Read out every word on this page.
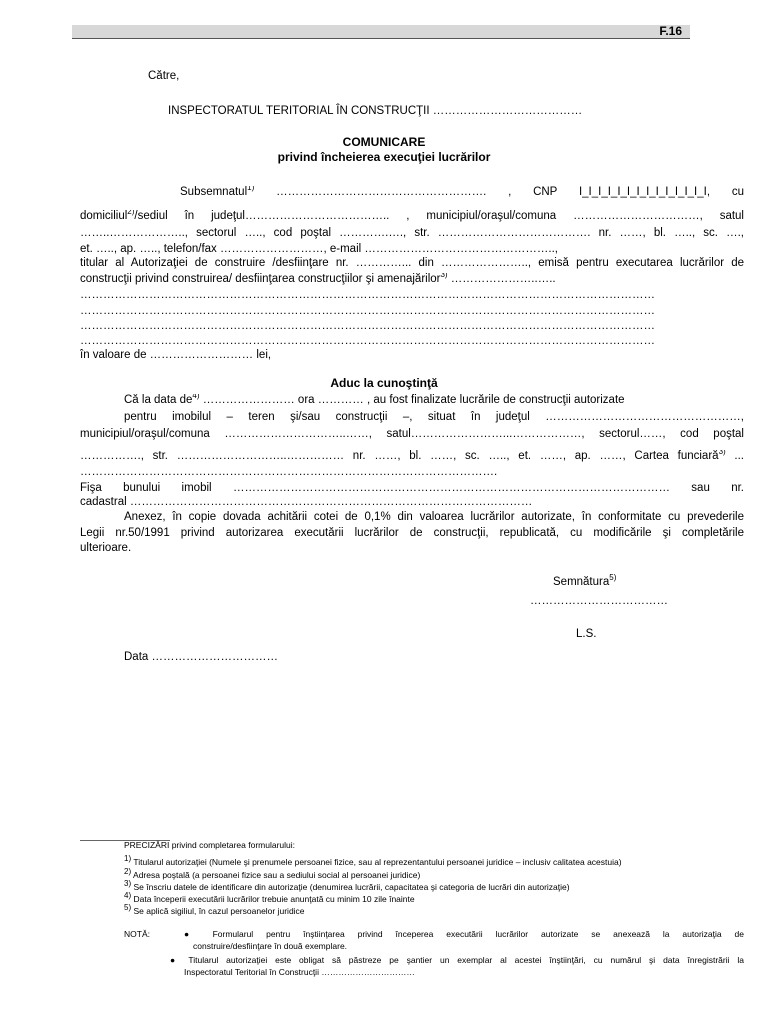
F.16
Către,
INSPECTORATUL TERITORIAL ÎN CONSTRUCŢII …………………………………
COMUNICARE
privind încheierea execuţiei lucrărilor
Subsemnatul$^{1)}$ ………………………………………………. , CNP I_I_I_I_I_I_I_I_I_I_I_I_I_I, cu
domiciliul$^{2)}$/sediul în judeţul……………………………….. , municipiul/oraşul/comuna ……………………………, satul
……..……………….., sectorul ….., cod poştal ………….…., str. …………………………………. nr. ……, bl. ….., sc. ….,
et. ….., ap. ….., telefon/fax ………………………, e-mail …………………………………………..,
titular al Autorizaţiei de construire /desfiinţare nr. …………... din ………………….., emisă pentru executarea lucrărilor de
construcţii privind construirea/ desfiinţarea construcţiilor şi amenajărilor$^{3)}$ …………………..…..
……………………………………………………………………………………………………………………………………
……………………………………………………………………………………………………………………………………
……………………………………………………………………………………………………………………………………
……………………………………………………………………………………………………………………………………
în valoare de ……………………… lei,
Aduc la cunoştinţă
Că la data $de^{4)}$ …………………… ora ………… , au fost finalizate lucrările de construcţii autorizate
pentru imobilul ‒ teren şi/sau construcţii ‒, situat în judeţul ……………………………………………,
municipiul/oraşul/comuna …………………………..……, satul……………………...………………, sectorul……, cod poştal
……………., str. ………………………..…………… nr. ……, bl. ……, sc. ….., et. ……, ap. ……, Cartea funciară$^{3)}$ ...
……………………………………………………………………………………………….
Fişa bunului imobil …………………………………………………………………………………………………… sau nr.
cadastral ……………………………………………………………………………………………
Anexez, în copie dovada achitării cotei de 0,1% din valoarea lucrărilor autorizate, în conformitate cu prevederile
Legii nr.50/1991 privind autorizarea executării lucrărilor de construcţii, republicată, cu modificările şi completările
ulterioare.
Semnătura$^{5)}$
………………………………
L.S.
Data ……………………………
PRECIZĂRI privind completarea formularului:
$^{1)}$ Titularul autorizaţiei (Numele şi prenumele persoanei fizice, sau al reprezentantului persoanei juridice ‒ inclusiv calitatea acestuia)
$^{2)}$ Adresa poştală (a persoanei fizice sau a sediului social al persoanei juridice)
$^{3)}$ Se înscriu datele de identificare din autorizaţie (denumirea lucrării, capacitatea şi categoria de lucrări din autorizaţie)
$^{4)}$ Data începerii executării lucrărilor trebuie anunţată cu minim 10 zile înainte
$^{5)}$ Se aplică sigiliul, în cazul persoanelor juridice
NOTĂ:	● Formularul pentru înştiinţarea privind începerea executării lucrărilor autorizate se anexează la autorizaţia de
construire/desfiinţare în două exemplare.
● Titularul autorizaţiei este obligat să păstreze pe şantier un exemplar al acestei înştiinţări, cu numărul şi data înregistrării la
Inspectoratul Teritorial în Construcţii ……………………………
